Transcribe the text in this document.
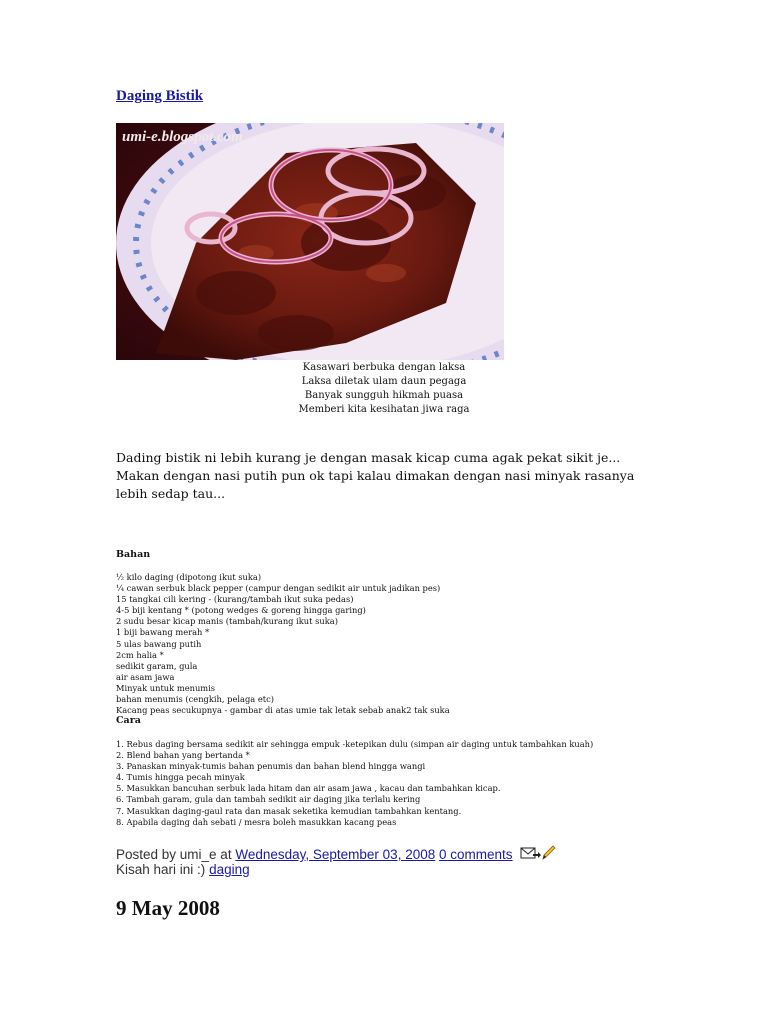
Daging Bistik
umi-e.blogspot.com
Kasawari berbuka dengan laksa
Laksa diletak ulam daun pegaga
Banyak sungguh hikmah puasa
Memberi kita kesihatan jiwa raga
Dading bistik ni lebih kurang je dengan masak kicap cuma agak pekat sikit je...
Makan dengan nasi putih pun ok tapi kalau dimakan dengan nasi minyak rasanya
lebih sedap tau...
Bahan
½ kilo daging (dipotong ikut suka)
¼ cawan serbuk black pepper (campur dengan sedikit air untuk jadikan pes)
15 tangkai cili kering - (kurang/tambah ikut suka pedas)
4-5 biji kentang * (potong wedges & goreng hingga garing)
2 sudu besar kicap manis (tambah/kurang ikut suka)
1 biji bawang merah *
5 ulas bawang putih
2cm halia *
sedikit garam, gula
air asam jawa
Minyak untuk menumis
bahan menumis (cengkih, pelaga etc)
Kacang peas secukupnya - gambar di atas umie tak letak sebab anak2 tak suka
Cara
1. Rebus daging bersama sedikit air sehingga empuk -ketepikan dulu (simpan air daging untuk tambahkan kuah)
2. Blend bahan yang bertanda *
3. Panaskan minyak-tumis bahan penumis dan bahan blend hingga wangi
4. Tumis hingga pecah minyak
5. Masukkan bancuhan serbuk lada hitam dan air asam jawa , kacau dan tambahkan kicap.
6. Tambah garam, gula dan tambah sedikit air daging jika terlalu kering
7. Masukkan daging-gaul rata dan masak seketika kemudian tambahkan kentang.
8. Apabila daging dah sebati / mesra boleh masukkan kacang peas
Posted by umi_e at Wednesday, September 03, 2008 0 comments
Kisah hari ini :) daging
9 May 2008
